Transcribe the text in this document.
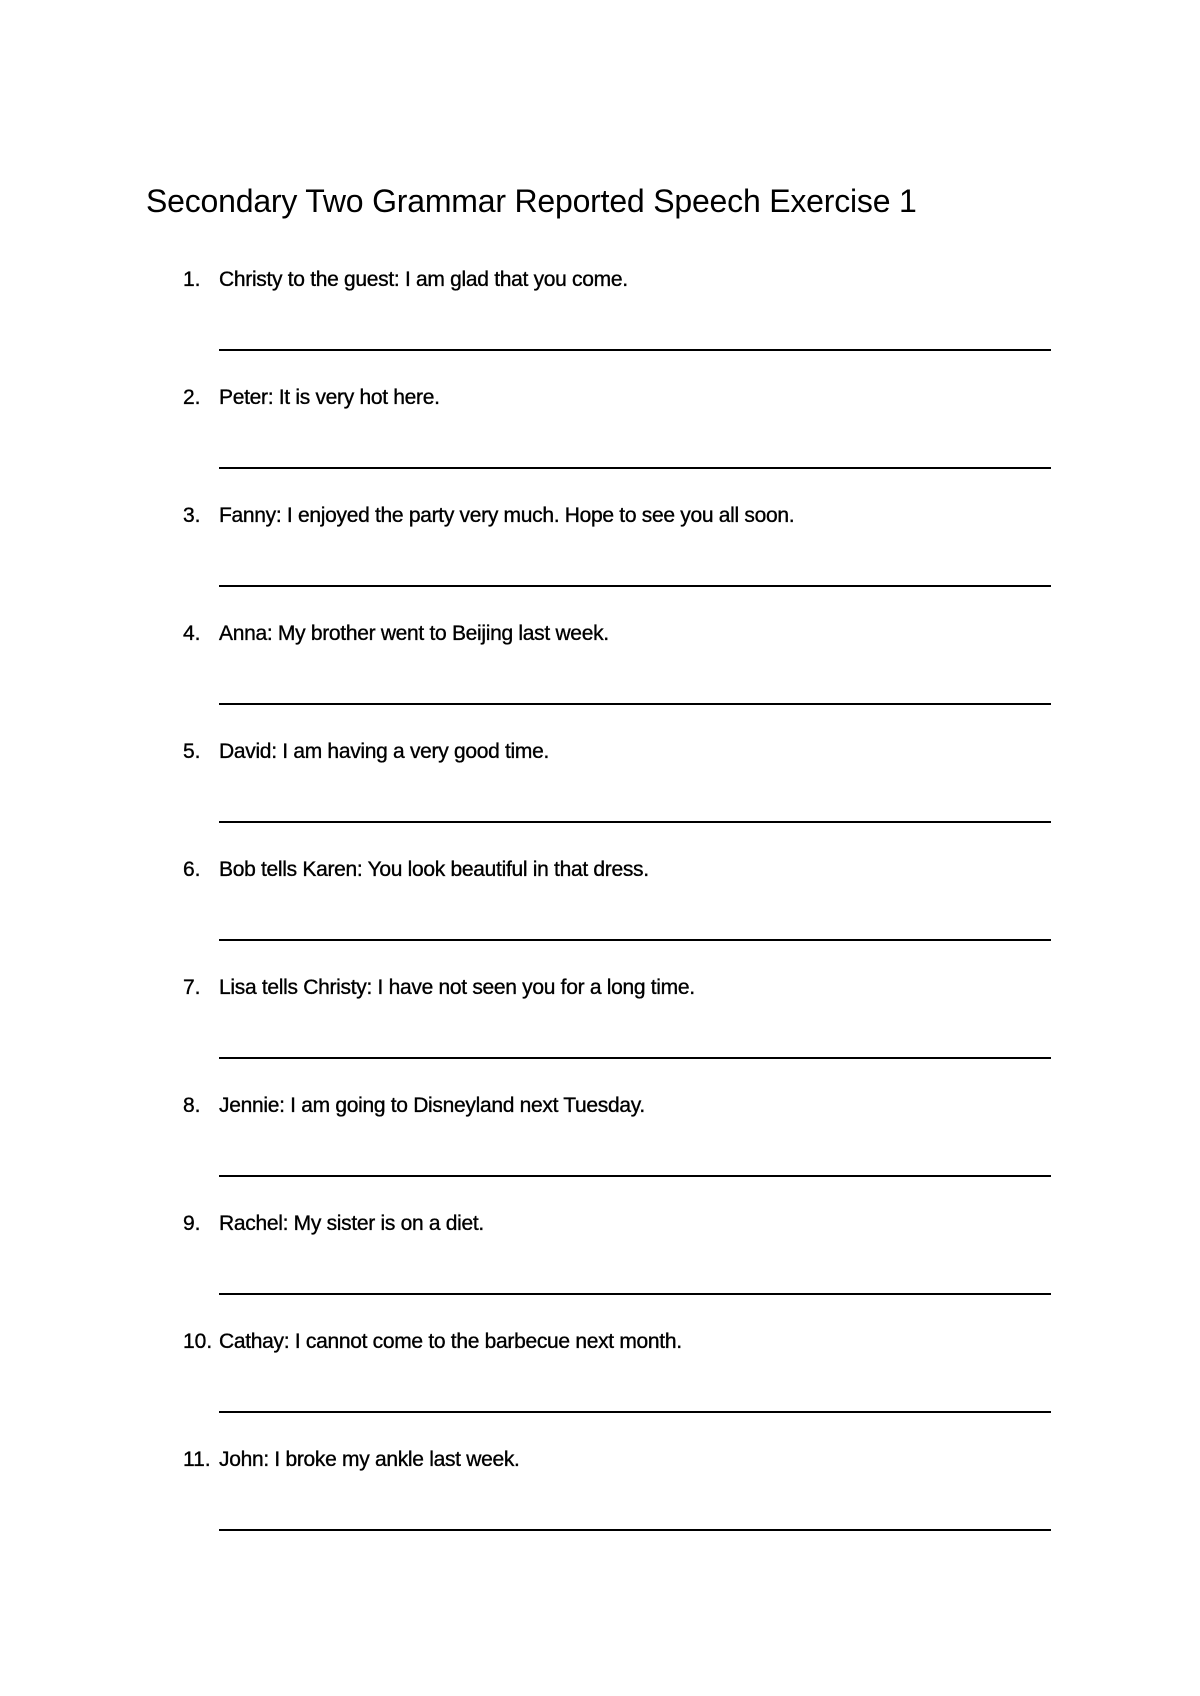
Secondary Two Grammar Reported Speech Exercise 1
1. Christy to the guest: I am glad that you come.
2. Peter: It is very hot here.
3. Fanny: I enjoyed the party very much. Hope to see you all soon.
4. Anna: My brother went to Beijing last week.
5. David: I am having a very good time.
6. Bob tells Karen: You look beautiful in that dress.
7. Lisa tells Christy: I have not seen you for a long time.
8. Jennie: I am going to Disneyland next Tuesday.
9. Rachel: My sister is on a diet.
10. Cathay: I cannot come to the barbecue next month.
11. John: I broke my ankle last week.
